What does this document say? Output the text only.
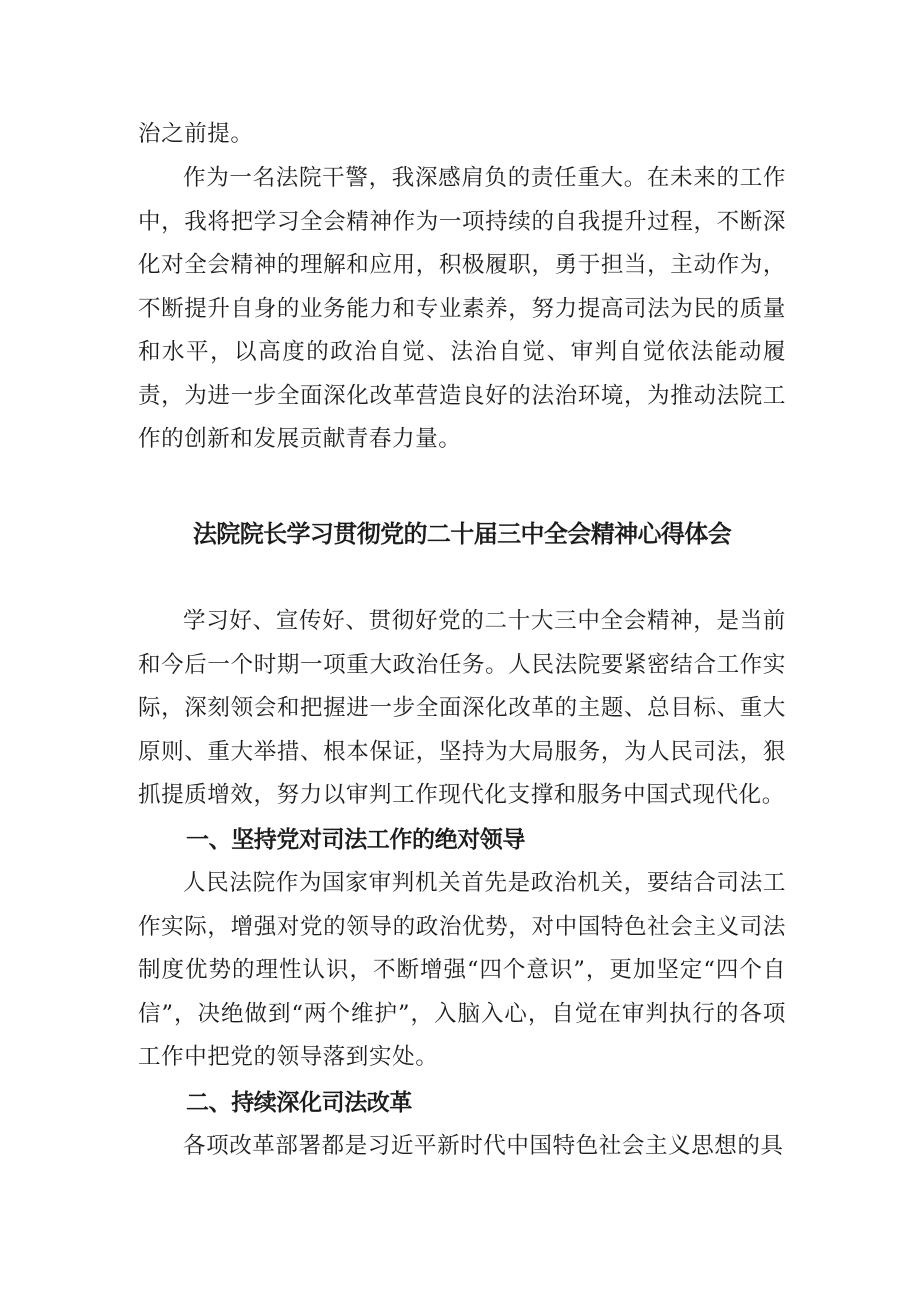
治之前提。

作为一名法院干警，我深感肩负的责任重大。在未来的工作中，我将把学习全会精神作为一项持续的自我提升过程，不断深化对全会精神的理解和应用，积极履职，勇于担当，主动作为，不断提升自身的业务能力和专业素养，努力提高司法为民的质量和水平，以高度的政治自觉、法治自觉、审判自觉依法能动履责，为进一步全面深化改革营造良好的法治环境，为推动法院工作的创新和发展贡献青春力量。

法院院长学习贯彻党的二十届三中全会精神心得体会

学习好、宣传好、贯彻好党的二十大三中全会精神，是当前和今后一个时期一项重大政治任务。人民法院要紧密结合工作实际，深刻领会和把握进一步全面深化改革的主题、总目标、重大原则、重大举措、根本保证，坚持为大局服务，为人民司法，狠抓提质增效，努力以审判工作现代化支撑和服务中国式现代化。

一、坚持党对司法工作的绝对领导

人民法院作为国家审判机关首先是政治机关，要结合司法工作实际，增强对党的领导的政治优势，对中国特色社会主义司法制度优势的理性认识，不断增强“四个意识”，更加坚定“四个自信”，决绝做到“两个维护”，入脑入心，自觉在审判执行的各项工作中把党的领导落到实处。

二、持续深化司法改革

各项改革部署都是习近平新时代中国特色社会主义思想的具
